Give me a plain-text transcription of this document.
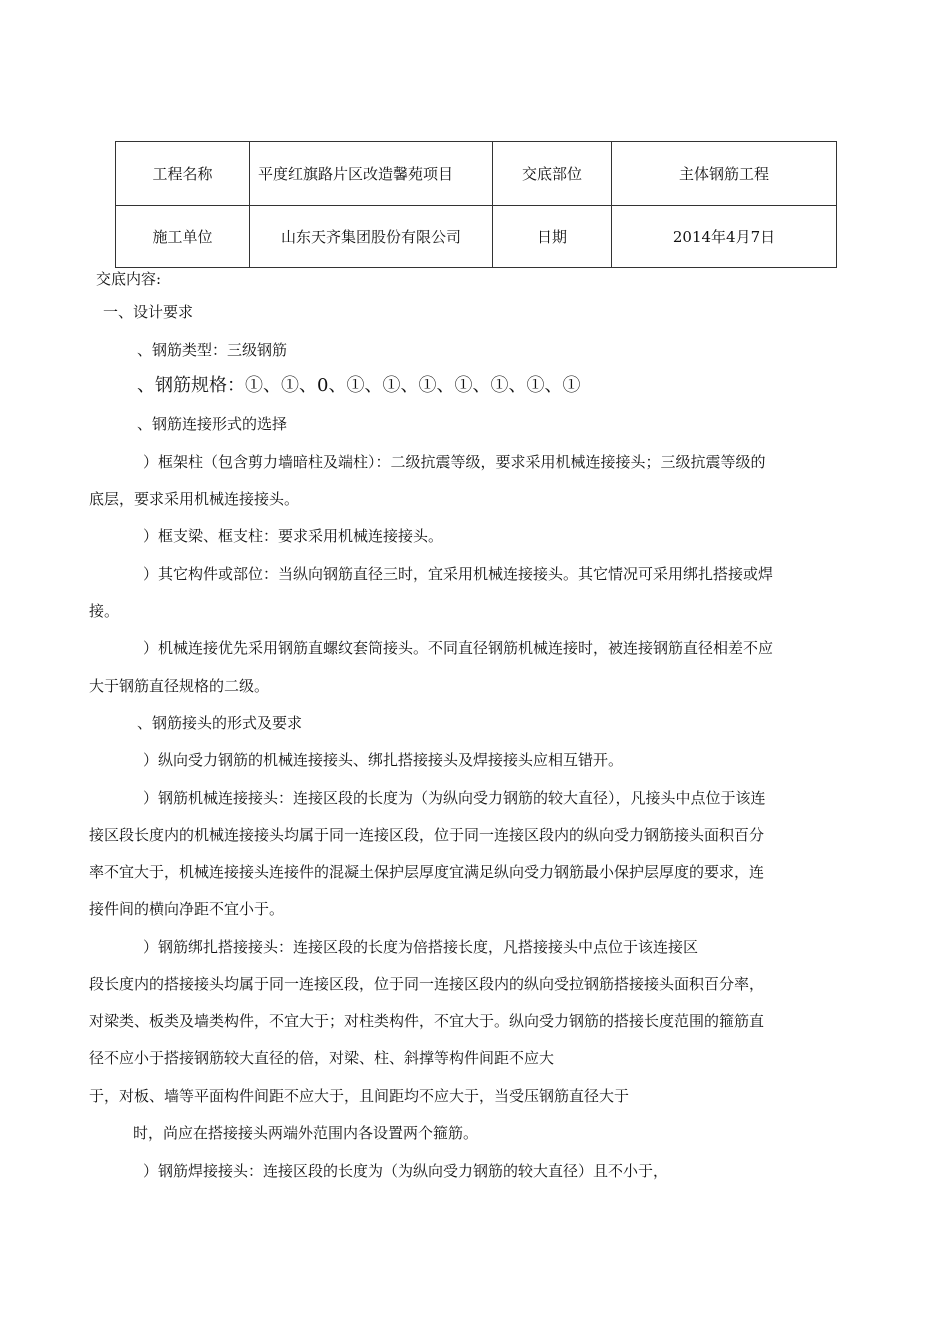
工程名称	平度红旗路片区改造馨苑项目	交底部位	主体钢筋工程
施工单位	山东天齐集团股份有限公司	日期	2014年4月7日
交底内容:
一、设计要求
、钢筋类型：三级钢筋
、钢筋规格：①、①、0、①、①、①、①、①、①、①
、钢筋连接形式的选择
）框架柱（包含剪力墙暗柱及端柱）：二级抗震等级，要求采用机械连接接头；三级抗震等级的
底层，要求采用机械连接接头。
）框支梁、框支柱：要求采用机械连接接头。
）其它构件或部位：当纵向钢筋直径三时，宜采用机械连接接头。其它情况可采用绑扎搭接或焊
接。
）机械连接优先采用钢筋直螺纹套筒接头。不同直径钢筋机械连接时，被连接钢筋直径相差不应
大于钢筋直径规格的二级。
、钢筋接头的形式及要求
）纵向受力钢筋的机械连接接头、绑扎搭接接头及焊接接头应相互错开。
）钢筋机械连接接头：连接区段的长度为（为纵向受力钢筋的较大直径），凡接头中点位于该连
接区段长度内的机械连接接头均属于同一连接区段，位于同一连接区段内的纵向受力钢筋接头面积百分
率不宜大于，机械连接接头连接件的混凝土保护层厚度宜满足纵向受力钢筋最小保护层厚度的要求，连
接件间的横向净距不宜小于。
）钢筋绑扎搭接接头：连接区段的长度为倍搭接长度，凡搭接接头中点位于该连接区
段长度内的搭接接头均属于同一连接区段，位于同一连接区段内的纵向受拉钢筋搭接接头面积百分率，
对梁类、板类及墙类构件，不宜大于；对柱类构件，不宜大于。纵向受力钢筋的搭接长度范围的箍筋直
径不应小于搭接钢筋较大直径的倍，对梁、柱、斜撑等构件间距不应大
于，对板、墙等平面构件间距不应大于，且间距均不应大于，当受压钢筋直径大于
时，尚应在搭接接头两端外范围内各设置两个箍筋。
）钢筋焊接接头：连接区段的长度为（为纵向受力钢筋的较大直径）且不小于，
